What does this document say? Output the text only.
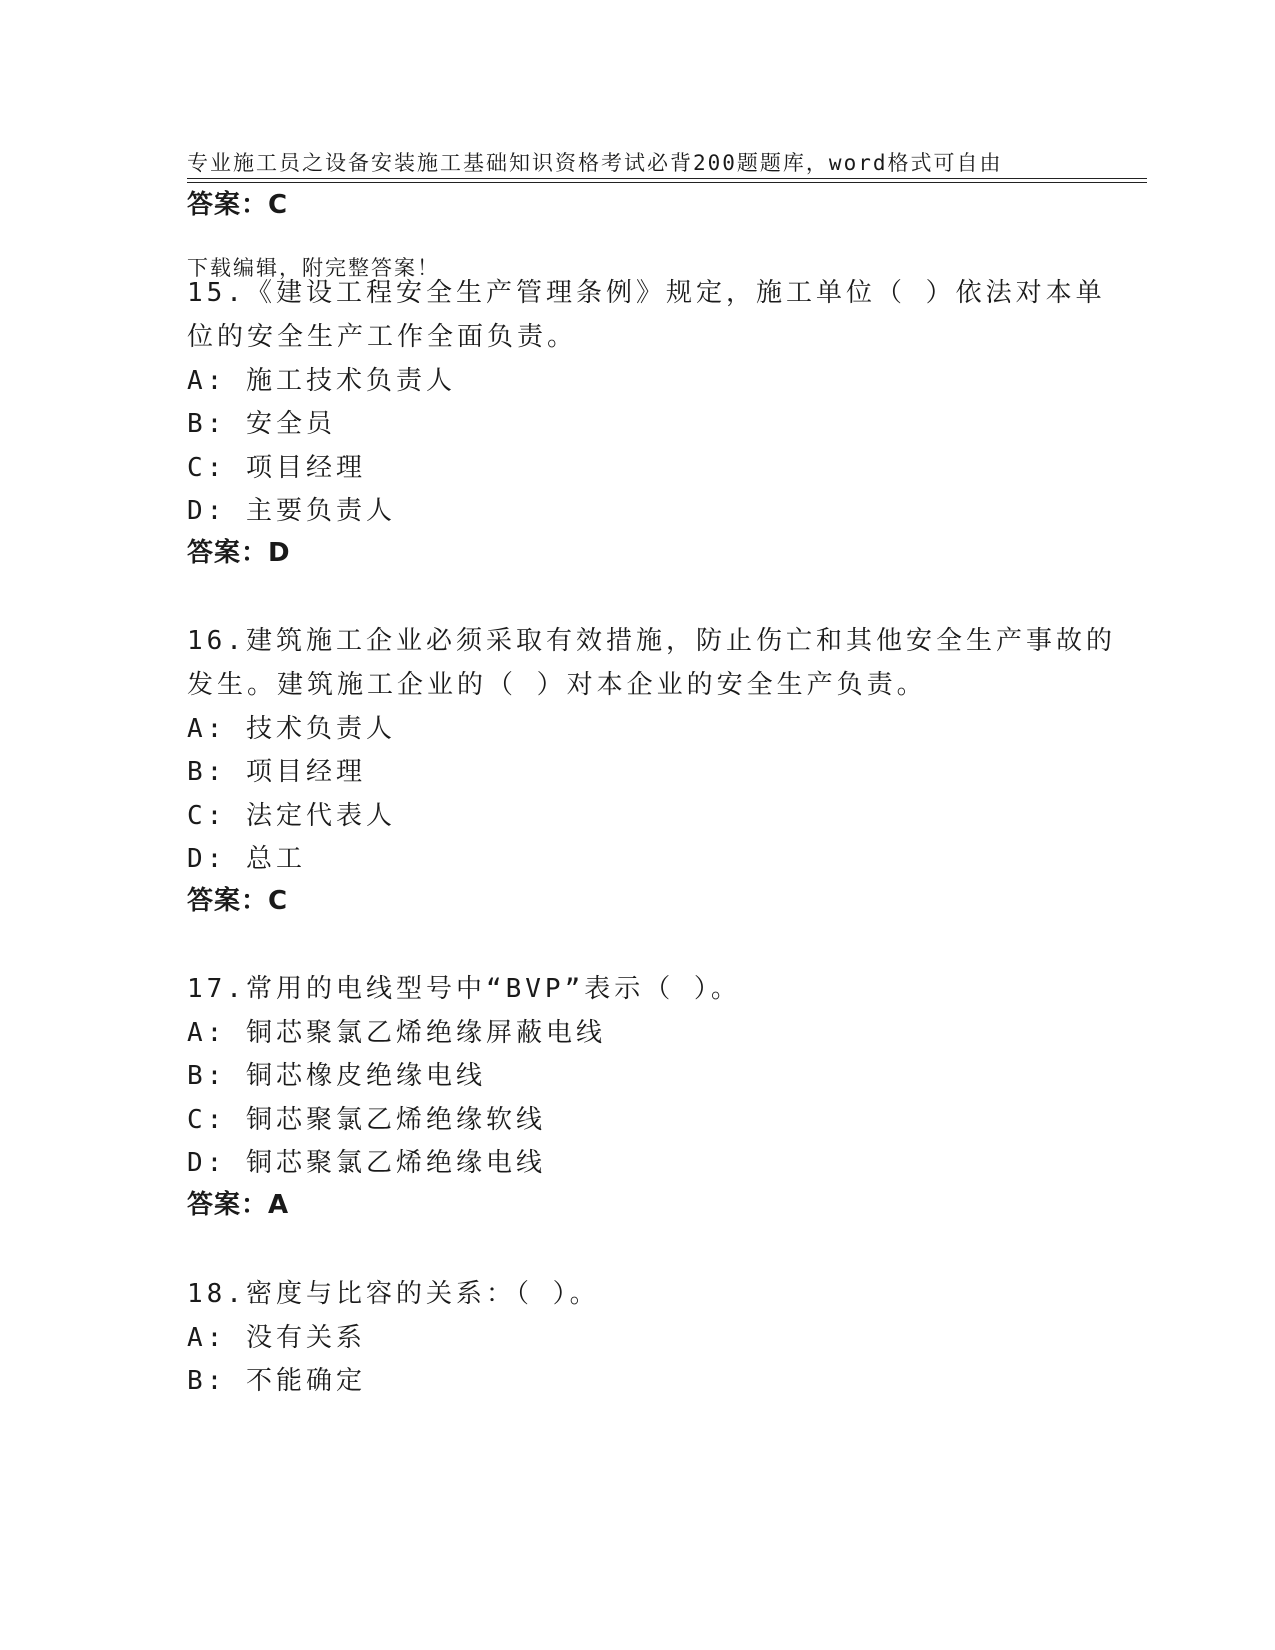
专业施工员之设备安装施工基础知识资格考试必背200题题库，word格式可自由

下载编辑，附完整答案！

答案：C
15.《建设工程安全生产管理条例》规定，施工单位（ ）依法对本单
位的安全生产工作全面负责。
A: 施工技术负责人
B: 安全员
C: 项目经理
D: 主要负责人
答案：D
16.建筑施工企业必须采取有效措施，防止伤亡和其他安全生产事故的
发生。建筑施工企业的（ ）对本企业的安全生产负责。
A: 技术负责人
B: 项目经理
C: 法定代表人
D: 总工
答案：C
17.常用的电线型号中“BVP”表示（ ）。
A: 铜芯聚氯乙烯绝缘屏蔽电线
B: 铜芯橡皮绝缘电线
C: 铜芯聚氯乙烯绝缘软线
D: 铜芯聚氯乙烯绝缘电线
答案：A
18.密度与比容的关系：（ ）。
A: 没有关系
B: 不能确定
